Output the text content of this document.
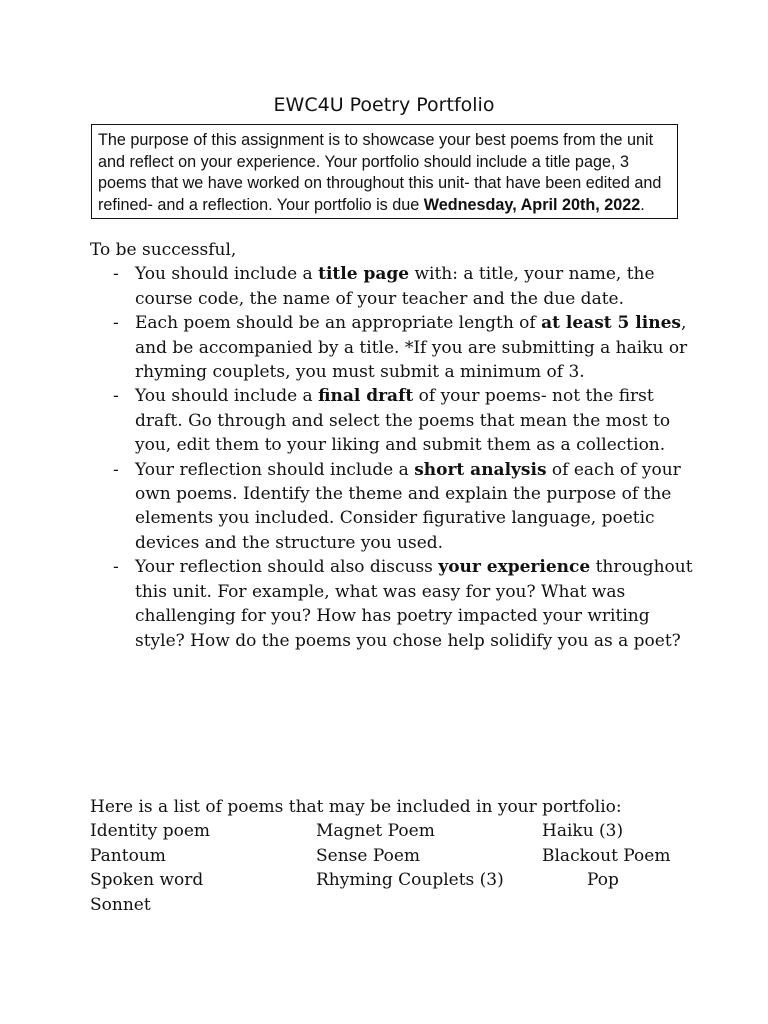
EWC4U Poetry Portfolio

The purpose of this assignment is to showcase your best poems from the unit and reflect on your experience. Your portfolio should include a title page, 3 poems that we have worked on throughout this unit- that have been edited and refined- and a reflection. Your portfolio is due Wednesday, April 20th, 2022.

To be successful,

- You should include a title page with: a title, your name, the course code, the name of your teacher and the due date.
- Each poem should be an appropriate length of at least 5 lines, and be accompanied by a title. *If you are submitting a haiku or rhyming couplets, you must submit a minimum of 3.
- You should include a final draft of your poems- not the first draft. Go through and select the poems that mean the most to you, edit them to your liking and submit them as a collection.
- Your reflection should include a short analysis of each of your own poems. Identify the theme and explain the purpose of the elements you included. Consider figurative language, poetic devices and the structure you used.
- Your reflection should also discuss your experience throughout this unit. For example, what was easy for you? What was challenging for you? How has poetry impacted your writing style? How do the poems you chose help solidify you as a poet?

Here is a list of poems that may be included in your portfolio:

Identity poem	Magnet Poem	Haiku (3)
Pantoum	Sense Poem	Blackout Poem
Spoken word	Rhyming Couplets (3)	Pop
Sonnet
